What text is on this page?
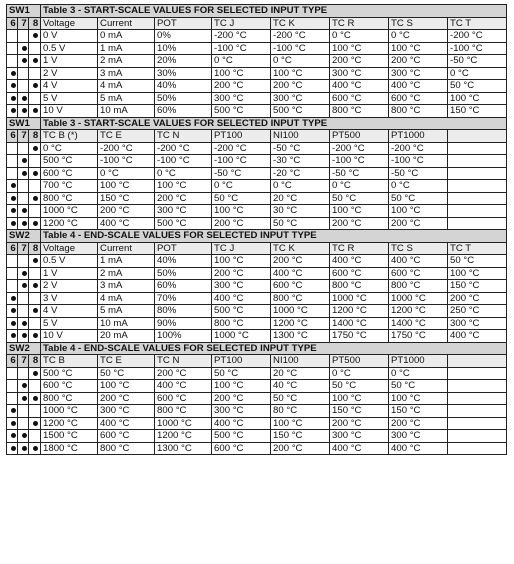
SW1			Table 3 - START-SCALE VALUES FOR SELECTED INPUT TYPE							
6	7	8	Voltage	Current	POT	TC J	TC K	TC R	TC S	TC T
			0 V	0 mA	0%	-200 °C	-200 °C	0 °C	0 °C	-200 °C
			0.5 V	1 mA	10%	-100 °C	-100 °C	100 °C	100 °C	-100 °C
			1 V	2 mA	20%	0 °C	0 °C	200 °C	200 °C	-50 °C
			2 V	3 mA	30%	100 °C	100 °C	300 °C	300 °C	0 °C
			4 V	4 mA	40%	200 °C	200 °C	400 °C	400 °C	50 °C
			5 V	5 mA	50%	300 °C	300 °C	600 °C	600 °C	100 °C
			10 V	10 mA	60%	500 °C	500 °C	800 °C	800 °C	150 °C
SW1			Table 3 - START-SCALE VALUES FOR SELECTED INPUT TYPE							
6	7	8	TC B (*)	TC E	TC N	PT100	NI100	PT500	PT1000	
			0 °C	-200 °C	-200 °C	-200 °C	-50 °C	-200 °C	-200 °C	
			500 °C	-100 °C	-100 °C	-100 °C	-30 °C	-100 °C	-100 °C	
			600 °C	0 °C	0 °C	-50 °C	-20 °C	-50 °C	-50 °C	
			700 °C	100 °C	100 °C	0 °C	0 °C	0 °C	0 °C	
			800 °C	150 °C	200 °C	50 °C	20 °C	50 °C	50 °C	
			1000 °C	200 °C	300 °C	100 °C	30 °C	100 °C	100 °C	
			1200 °C	400 °C	500 °C	200 °C	50 °C	200 °C	200 °C	
SW2			Table 4 - END-SCALE VALUES FOR SELECTED INPUT TYPE							
6	7	8	Voltage	Current	POT	TC J	TC K	TC R	TC S	TC T
			0.5 V	1 mA	40%	100 °C	200 °C	400 °C	400 °C	50 °C
			1 V	2 mA	50%	200 °C	400 °C	600 °C	600 °C	100 °C
			2 V	3 mA	60%	300 °C	600 °C	800 °C	800 °C	150 °C
			3 V	4 mA	70%	400 °C	800 °C	1000 °C	1000 °C	200 °C
			4 V	5 mA	80%	500 °C	1000 °C	1200 °C	1200 °C	250 °C
			5 V	10 mA	90%	800 °C	1200 °C	1400 °C	1400 °C	300 °C
			10 V	20 mA	100%	1000 °C	1300 °C	1750 °C	1750 °C	400 °C
SW2			Table 4 - END-SCALE VALUES FOR SELECTED INPUT TYPE							
6	7	8	TC B	TC E	TC N	PT100	NI100	PT500	PT1000	
			500 °C	50 °C	200 °C	50 °C	20 °C	0 °C	0 °C	
			600 °C	100 °C	400 °C	100 °C	40 °C	50 °C	50 °C	
			800 °C	200 °C	600 °C	200 °C	50 °C	100 °C	100 °C	
			1000 °C	300 °C	800 °C	300 °C	80 °C	150 °C	150 °C	
			1200 °C	400 °C	1000 °C	400 °C	100 °C	200 °C	200 °C	
			1500 °C	600 °C	1200 °C	500 °C	150 °C	300 °C	300 °C	
			1800 °C	800 °C	1300 °C	600 °C	200 °C	400 °C	400 °C	
